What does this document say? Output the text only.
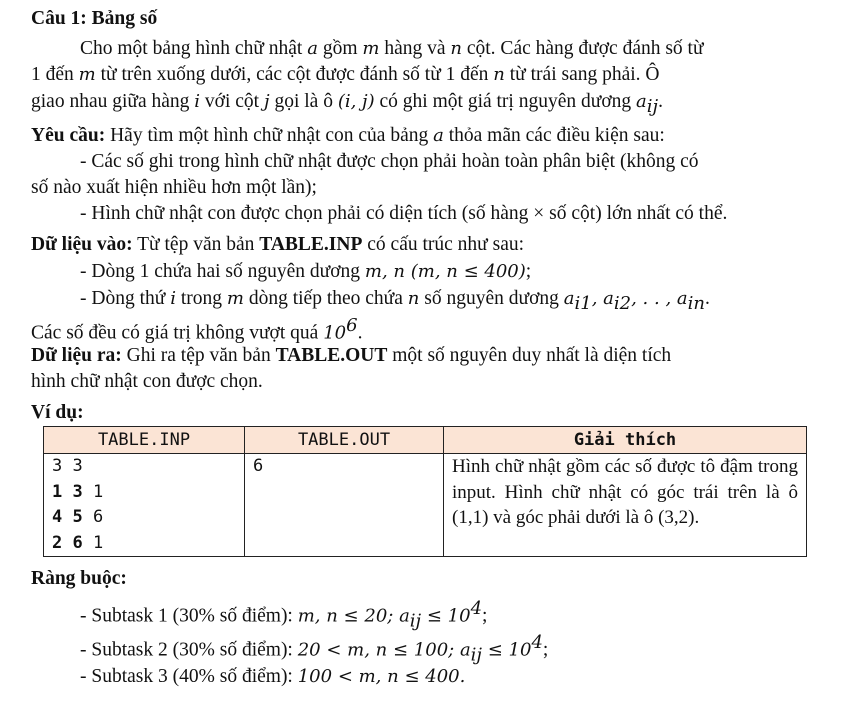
Câu 1: Bảng số
Cho một bảng hình chữ nhật a gồm m hàng và n cột. Các hàng được đánh số từ
1 đến m từ trên xuống dưới, các cột được đánh số từ 1 đến n từ trái sang phải. Ô
giao nhau giữa hàng i với cột j gọi là ô (i, j) có ghi một giá trị nguyên dương $a_{ij}$.
Yêu cầu: Hãy tìm một hình chữ nhật con của bảng a thỏa mãn các điều kiện sau:
- Các số ghi trong hình chữ nhật được chọn phải hoàn toàn phân biệt (không có
số nào xuất hiện nhiều hơn một lần);
- Hình chữ nhật con được chọn phải có diện tích (số hàng × số cột) lớn nhất có thể.
Dữ liệu vào: Từ tệp văn bản TABLE.INP có cấu trúc như sau:
- Dòng 1 chứa hai số nguyên dương m, n (m, n ≤ 400);
- Dòng thứ i trong m dòng tiếp theo chứa n số nguyên dương $a_{i1}$, $a_{i2}$, . . , $a_{in}$.
Các số đều có giá trị không vượt quá $10^6$.
Dữ liệu ra: Ghi ra tệp văn bản TABLE.OUT một số nguyên duy nhất là diện tích
hình chữ nhật con được chọn.
Ví dụ:
TABLE.INP	TABLE.OUT	Giải thích

3 3
1 3 1
4 5 6
2 6 1	6	Hình chữ nhật gồm các số được tô đậm trong input. Hình chữ nhật có góc trái trên là ô (1,1) và góc phải dưới là ô (3,2).
Ràng buộc:
- Subtask 1 (30% số điểm): m, n ≤ 20; $a_{ij} \le 10^4$;
- Subtask 2 (30% số điểm): 20 < m, n ≤ 100; $a_{ij} \le 10^4$;
- Subtask 3 (40% số điểm): 100 < m, n ≤ 400.
